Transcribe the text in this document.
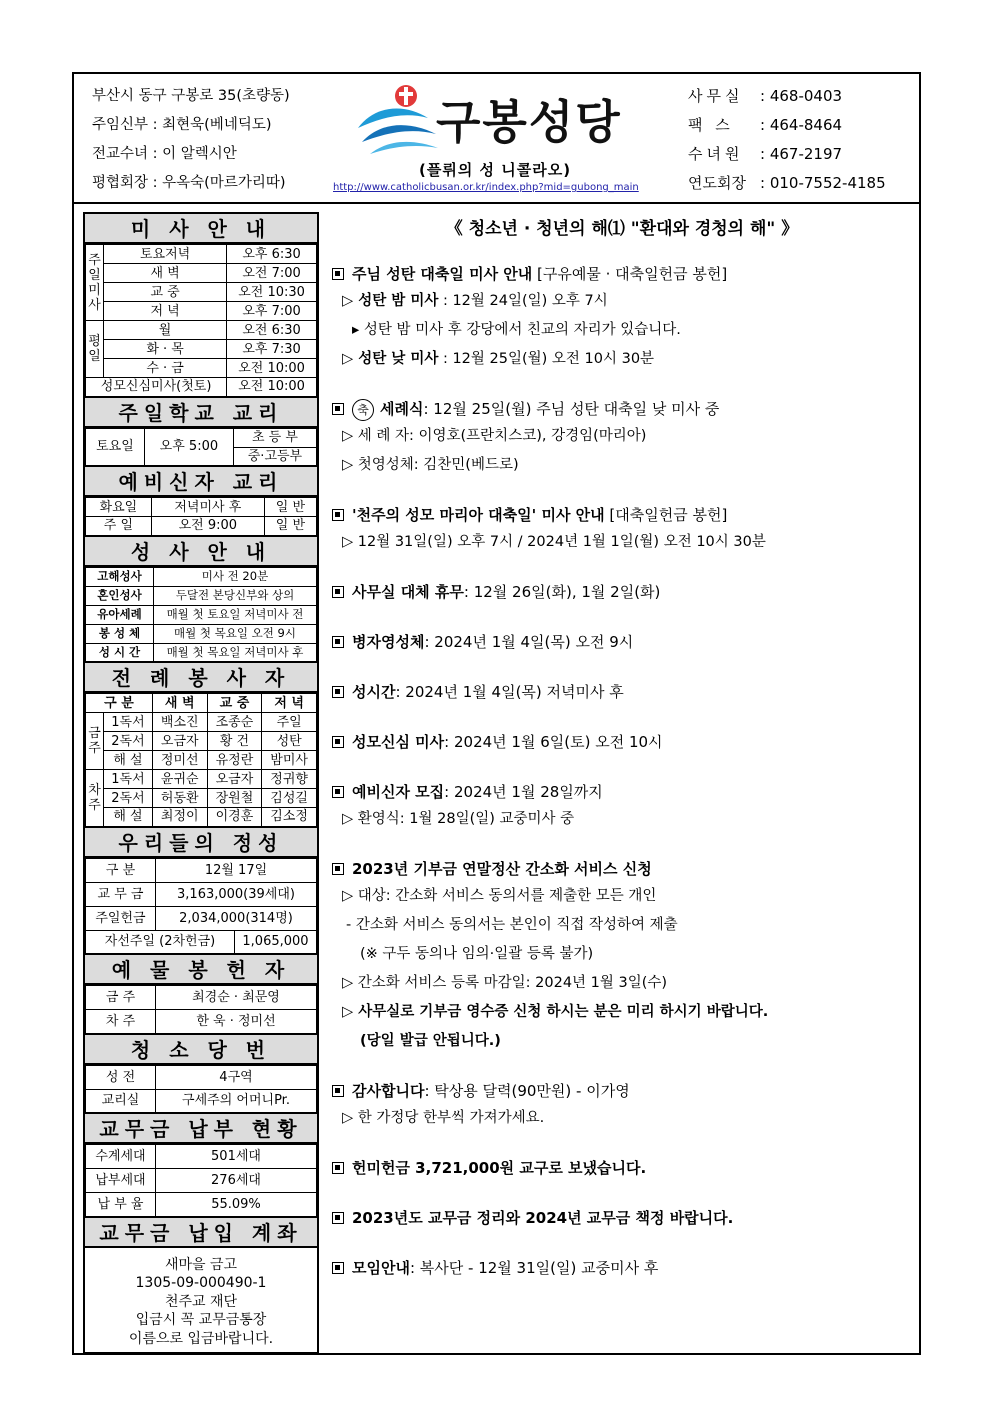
부산시 동구 구봉로 35(초량동)
주임신부 : 최현욱(베네딕도)
전교수녀 : 이 알렉시안
평협회장 : 우옥숙(마르가리따)
구봉성당
(플뤼의 성 니콜라오)
http://www.catholicbusan.or.kr/index.php?mid=gubong_main
사무실 : 468-0403
팩 스 : 464-8464
수녀원 : 467-2197
연도회장 : 010-7552-4185
미 사 안 내
주일미사	토요저녁	오후 6:30
	새 벽	오전 7:00
	교 중	오전 10:30
	저 녁	오후 7:00
평일	월	오전 6:30
	화 · 목	오후 7:30
	수 · 금	오전 10:00
성모신심미사(첫토)		오전 10:00
주일학교 교리
토요일	오후 5:00	초 등 부
중·고등부
예비신자 교리
화요일	저녁미사 후	일 반
주 일	오전 9:00	일 반
성 사 안 내
고해성사	미사 전 20분
혼인성사	두달전 본당신부와 상의
유아세례	매월 첫 토요일 저녁미사 전
봉 성 체	매월 첫 목요일 오전 9시
성 시 간	매월 첫 목요일 저녁미사 후
전 례 봉 사 자
구 분		새 벽	교 중	저 녁
금주	1독서	백소진	조종순	주일
	2독서	오금자	황 건	성탄
	해 설	정미선	유정란	밤미사
차주	1독서	윤귀순	오금자	정귀향
	2독서	허동환	장원철	김성길
	해 설	최정이	이경훈	김소정
우리들의 정성
구 분	12월 17일	
교 무 금	3,163,000(39세대)	
주일헌금	2,034,000(314명)	
자선주일 (2차헌금)		1,065,000
예 물 봉 헌 자
금 주	최경순 · 최문영
차 주	한 욱 · 정미선
청 소 당 번
성 전	4구역
교리실	구세주의 어머니Pr.
교무금 납부 현황
수계세대	501세대
납부세대	276세대
납 부 율	55.09%
교무금 납입 계좌
새마을 금고
1305-09-000490-1
천주교 재단
입금시 꼭 교무금통장
이름으로 입금바랍니다.
《 청소년 · 청년의 해⑴ "환대와 경청의 해" 》
주님 성탄 대축일 미사 안내 [구유예물 · 대축일헌금 봉헌]
▷ 성탄 밤 미사 : 12월 24일(일) 오후 7시
▸ 성탄 밤 미사 후 강당에서 친교의 자리가 있습니다.
▷ 성탄 낮 미사 : 12월 25일(월) 오전 10시 30분
축 세례식: 12월 25일(월) 주님 성탄 대축일 낮 미사 중
▷ 세 례 자: 이영호(프란치스코), 강경임(마리아)
▷ 첫영성체: 김찬민(베드로)
'천주의 성모 마리아 대축일' 미사 안내 [대축일헌금 봉헌]
▷ 12월 31일(일) 오후 7시 / 2024년 1월 1일(월) 오전 10시 30분
사무실 대체 휴무: 12월 26일(화), 1월 2일(화)
병자영성체: 2024년 1월 4일(목) 오전 9시
성시간: 2024년 1월 4일(목) 저녁미사 후
성모신심 미사: 2024년 1월 6일(토) 오전 10시
예비신자 모집: 2024년 1월 28일까지
▷ 환영식: 1월 28일(일) 교중미사 중
2023년 기부금 연말정산 간소화 서비스 신청
▷ 대상: 간소화 서비스 동의서를 제출한 모든 개인
- 간소화 서비스 동의서는 본인이 직접 작성하여 제출
(※ 구두 동의나 임의·일괄 등록 불가)
▷ 간소화 서비스 등록 마감일: 2024년 1월 3일(수)
▷ 사무실로 기부금 영수증 신청 하시는 분은 미리 하시기 바랍니다.
(당일 발급 안됩니다.)
감사합니다: 탁상용 달력(90만원) - 이가영
▷ 한 가정당 한부씩 가져가세요.
헌미헌금 3,721,000원 교구로 보냈습니다.
2023년도 교무금 정리와 2024년 교무금 책정 바랍니다.
모임안내: 복사단 - 12월 31일(일) 교중미사 후
